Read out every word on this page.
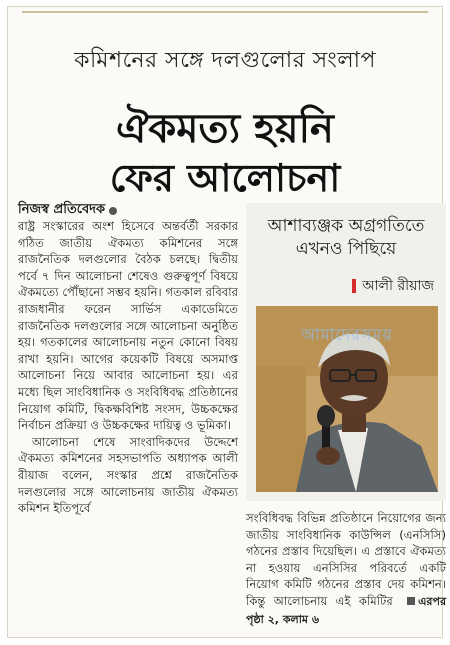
কমিশনের সঙ্গে দলগুলোর সংলাপ
ঐকমত্য হয়নি
ফের আলোচনা
নিজস্ব প্রতিবেদক

রাষ্ট্র সংস্কারের অংশ হিসেবে অন্তর্বর্তী সরকার গঠিত জাতীয় ঐকমত্য কমিশনের সঙ্গে রাজনৈতিক দলগুলোর বৈঠক চলছে। দ্বিতীয় পর্বে ৭ দিন আলোচনা শেষেও গুরুত্বপূর্ণ বিষয়ে ঐকমত্যে পৌঁছানো সম্ভব হয়নি। গতকাল রবিবার রাজধানীর ফরেন সার্ভিস একাডেমিতে রাজনৈতিক দলগুলোর সঙ্গে আলোচনা অনুষ্ঠিত হয়। গতকালের আলোচনায় নতুন কোনো বিষয় রাখা হয়নি। আগের কয়েকটি বিষয়ে অসমাপ্ত আলোচনা নিয়ে আবার আলোচনা হয়। এর মধ্যে ছিল সাংবিধানিক ও সংবিধিবদ্ধ প্রতিষ্ঠানের নিয়োগ কমিটি, দ্বিকক্ষবিশিষ্ট সংসদ, উচ্চকক্ষের নির্বাচন প্রক্রিয়া ও উচ্চকক্ষের দায়িত্ব ও ভূমিকা।

আলোচনা শেষে সাংবাদিকদের উদ্দেশে ঐকমত্য কমিশনের সহসভাপতি অধ্যাপক আলী রীয়াজ বলেন, সংস্কার প্রশ্নে রাজনৈতিক দলগুলোর সঙ্গে আলোচনায় জাতীয় ঐকমত্য কমিশন ইতিপূর্বে

আশাব্যঞ্জক অগ্রগতিতে এখনও পিছিয়ে
আলী রীয়াজ
আমাদেরসময়

সংবিধিবদ্ধ বিভিন্ন প্রতিষ্ঠানে নিয়োগের জন্য জাতীয় সাংবিধানিক কাউন্সিল (এনসিসি) গঠনের প্রস্তাব দিয়েছিল। এ প্রস্তাবে ঐকমত্য না হওয়ায় এনসিসির পরিবর্তে একটি নিয়োগ কমিটি গঠনের প্রস্তাব দেয় কমিশন। কিন্তু আলোচনায় এই কমিটির এরপর পৃষ্ঠা ২, কলাম ৬
